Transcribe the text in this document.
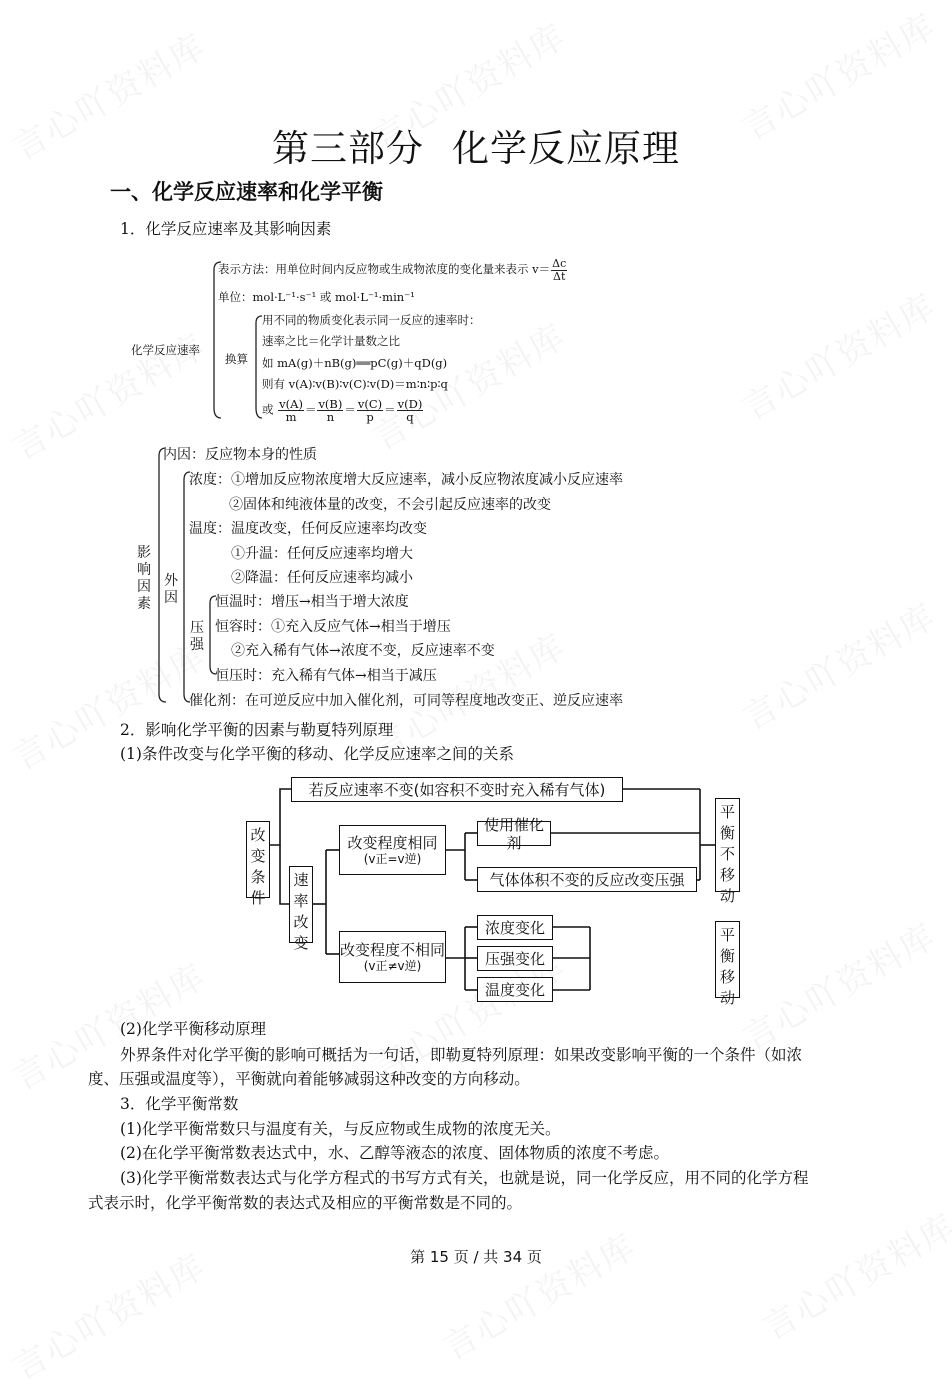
第三部分 化学反应原理
一、化学反应速率和化学平衡
1．化学反应速率及其影响因素
化学反应速率
表示方法：用单位时间内反应物或生成物浓度的变化量来表示 $v= \frac{\Delta c}{\Delta t}$
单位：mol·L⁻¹·s⁻¹ 或 mol·L⁻¹·min⁻¹
换算
用不同的物质变化表示同一反应的速率时：
速率之比＝化学计量数之比
如 mA(g)＋nB(g)══pC(g)＋qD(g)
则有 v(A)∶v(B)∶v(C)∶v(D)＝m∶n∶p∶q
或 $\frac{v(A)}{m} = \frac{v(B)}{n} = \frac{v(C)}{p} = \frac{v(D)}{q}$
影响因素
外因
内因：反应物本身的性质
浓度：①增加反应物浓度增大反应速率，减小反应物浓度减小反应速率
②固体和纯液体量的改变，不会引起反应速率的改变
温度：温度改变，任何反应速率均改变
①升温：任何反应速率均增大
②降温：任何反应速率均减小
压强
恒温时：增压→相当于增大浓度
恒容时：①充入反应气体→相当于增压
②充入稀有气体→浓度不变，反应速率不变
恒压时：充入稀有气体→相当于减压
催化剂：在可逆反应中加入催化剂，可同等程度地改变正、逆反应速率
2．影响化学平衡的因素与勒夏特列原理
(1)条件改变与化学平衡的移动、化学反应速率之间的关系
改变条件
若反应速率不变(如容积不变时充入稀有气体)
速率改变
改变程度相同
(v正=v逆)
改变程度不相同
(v正≠v逆)
使用催化剂
气体体积不变的反应改变压强
浓度变化
压强变化
温度变化
平衡不移动
平衡移动
(2)化学平衡移动原理
外界条件对化学平衡的影响可概括为一句话，即勒夏特列原理：如果改变影响平衡的一个条件（如浓
度、压强或温度等），平衡就向着能够减弱这种改变的方向移动。
3．化学平衡常数
(1)化学平衡常数只与温度有关，与反应物或生成物的浓度无关。
(2)在化学平衡常数表达式中，水、乙醇等液态的浓度、固体物质的浓度不考虑。
(3)化学平衡常数表达式与化学方程式的书写方式有关，也就是说，同一化学反应，用不同的化学方程
式表示时，化学平衡常数的表达式及相应的平衡常数是不同的。
第 15 页 / 共 34 页
